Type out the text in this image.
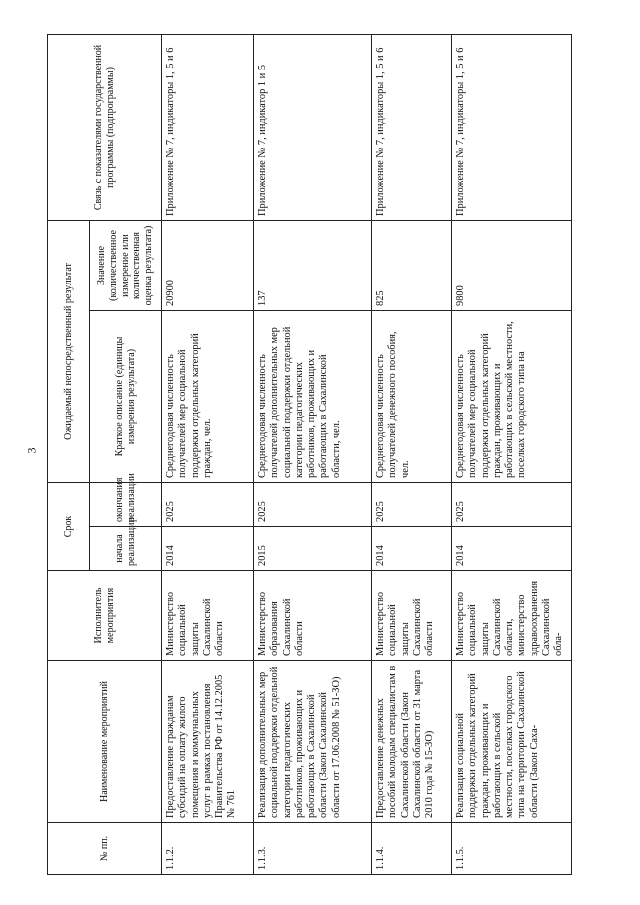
3
№ пп.	Наименование мероприятий	Исполнитель мероприятия	Срок		Ожидаемый непосредственный результат		Связь с показателями государственной программы (подпрограммы)
			начала реализации	окончания реализации	Краткое описание (единицы измерения результата)	Значение (количественное измерение или количественная оценка результата)	
1.1.2.	Предоставление гражданам субсидий на оплату жилого помещения и коммунальных услуг в рамках постановления Правительства РФ от 14.12.2005 № 761	Министерство социальной защиты Сахалинской области	2014	2025	Среднегодовая численность получателей мер социальной поддержки отдельных категорий граждан, чел.	20900	Приложение № 7, индикаторы 1, 5 и 6
1.1.3.	Реализация дополнительных мер социальной поддержки отдельной категории педагогических работников, проживающих и работающих в Сахалинской области (Закон Сахалинской области от 17.06.2008 № 51-ЗО)	Министерство образования Сахалинской области	2015	2025	Среднегодовая численность получателей дополнительных мер социальной поддержки отдельной категории педагогических работников, проживающих и работающих в Сахалинской области, чел.	137	Приложение № 7, индикатор 1 и 5
1.1.4.	Предоставление денежных пособий молодым специалистам в Сахалинской области (Закон Сахалинской области от 31 марта 2010 года № 15-ЗО)	Министерство социальной защиты Сахалинской области	2014	2025	Среднегодовая численность получателей денежного пособия, чел.	825	Приложение № 7, индикаторы 1, 5 и 6
1.1.5.	Реализация социальной поддержки отдельных категорий граждан, проживающих и работающих в сельской местности, поселках городского типа на территории Сахалинской области (Закон Саха-	Министерство социальной защиты Сахалинской области, министерство здравоохранения Сахалинской обла-	2014	2025	Среднегодовая численность получателей мер социальной поддержки отдельных категорий граждан, проживающих и работающих в сельской местности, поселках городского типа на	9800	Приложение № 7, индикаторы 1, 5 и 6
